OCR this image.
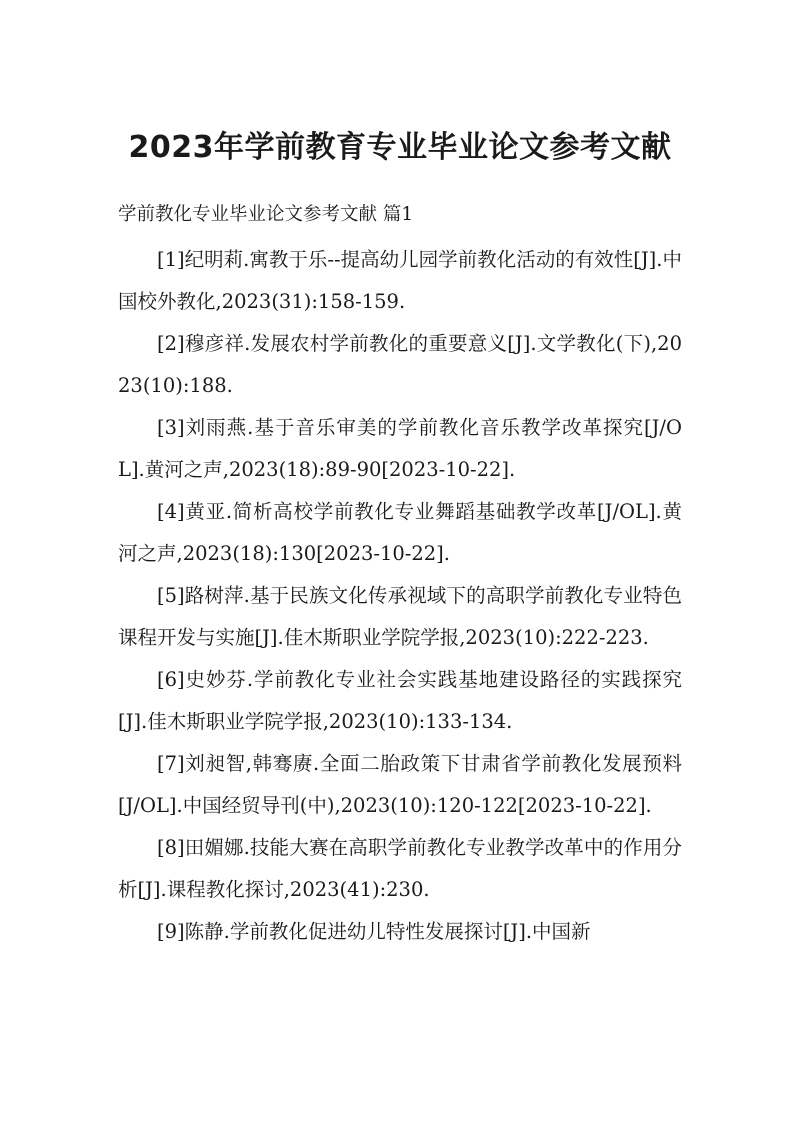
2023年学前教育专业毕业论文参考文献
学前教化专业毕业论文参考文献 篇1

[1]纪明莉.寓教于乐--提高幼儿园学前教化活动的有效性[J].中国校外教化,2023(31):158-159.

[2]穆彦祥.发展农村学前教化的重要意义[J].文学教化(下),2023(10):188.

[3]刘雨燕.基于音乐审美的学前教化音乐教学改革探究[J/OL].黄河之声,2023(18):89-90[2023-10-22].

[4]黄亚.简析高校学前教化专业舞蹈基础教学改革[J/OL].黄河之声,2023(18):130[2023-10-22].

[5]路树萍.基于民族文化传承视域下的高职学前教化专业特色课程开发与实施[J].佳木斯职业学院学报,2023(10):222-223.

[6]史妙芬.学前教化专业社会实践基地建设路径的实践探究[J].佳木斯职业学院学报,2023(10):133-134.

[7]刘昶智,韩骞赓.全面二胎政策下甘肃省学前教化发展预料[J/OL].中国经贸导刊(中),2023(10):120-122[2023-10-22].

[8]田媚娜.技能大赛在高职学前教化专业教学改革中的作用分析[J].课程教化探讨,2023(41):230.

[9]陈静.学前教化促进幼儿特性发展探讨[J].中国新
